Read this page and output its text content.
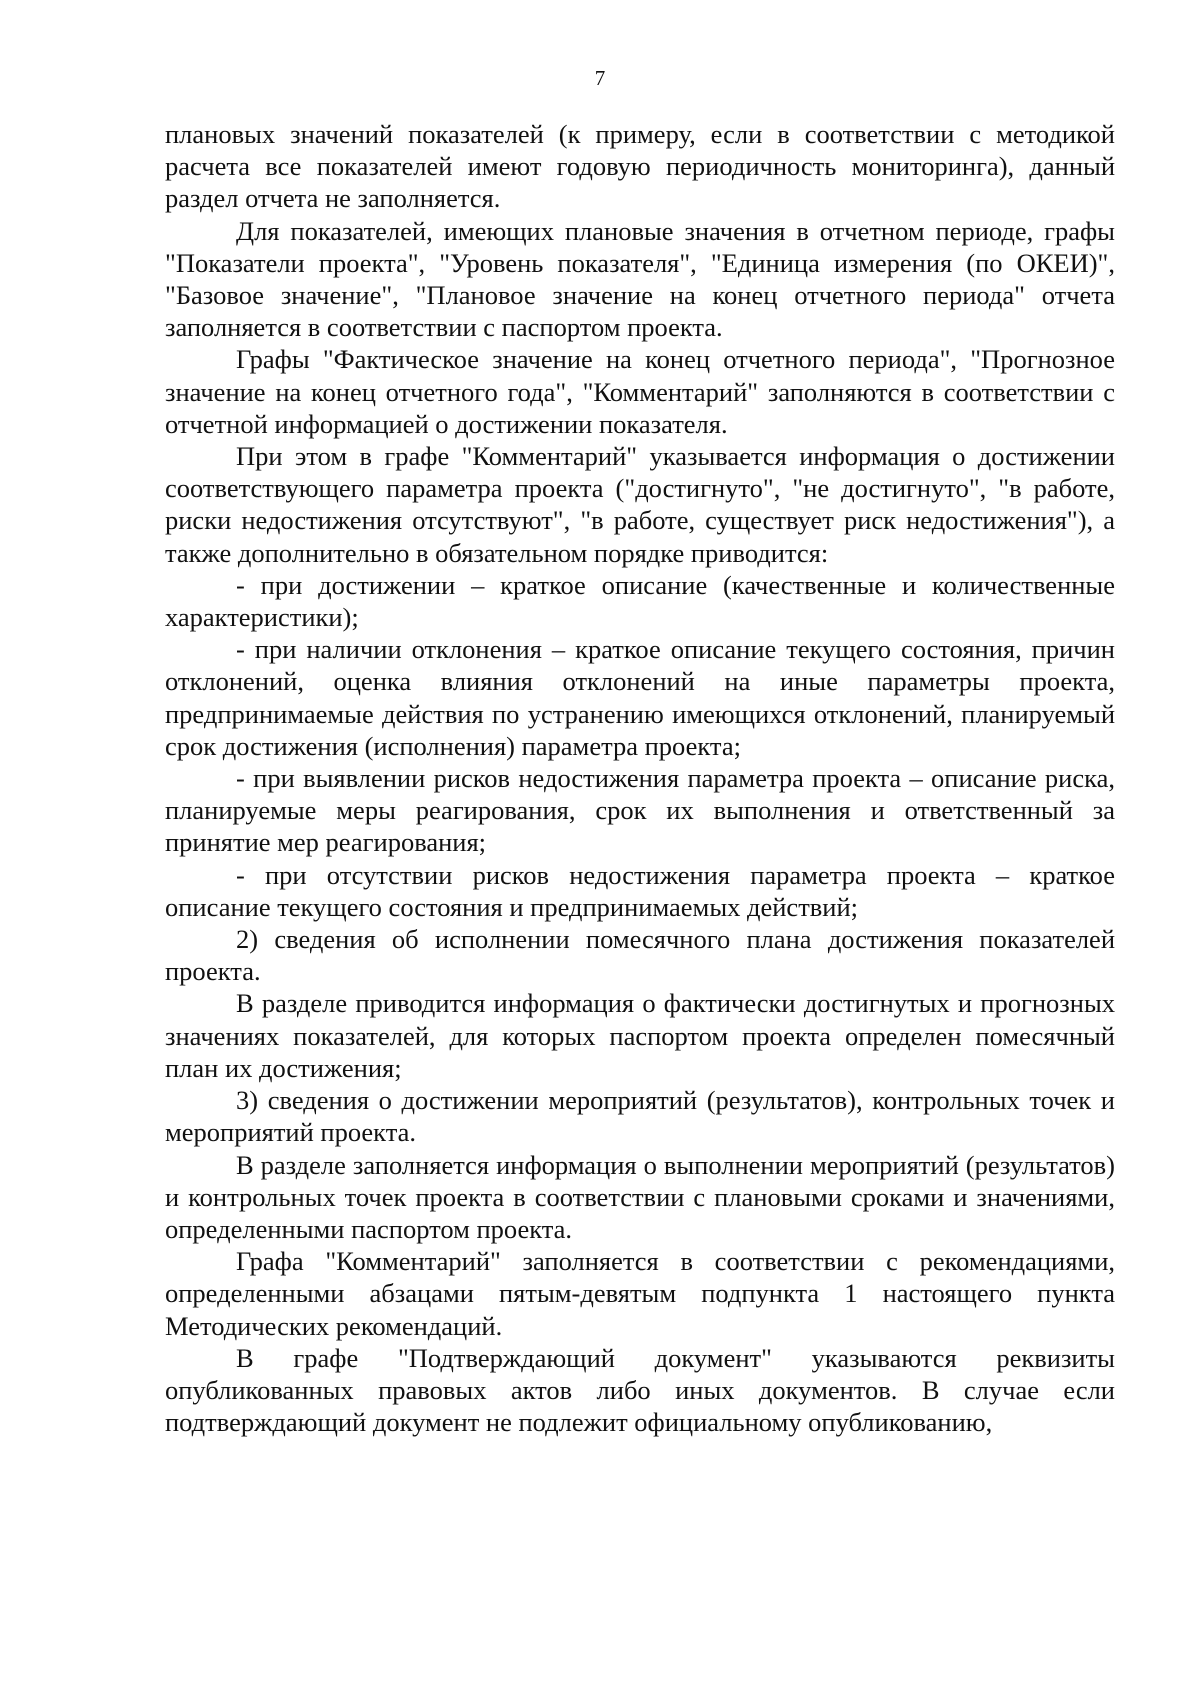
7

плановых значений показателей (к примеру, если в соответствии с методикой расчета все показателей имеют годовую периодичность мониторинга), данный раздел отчета не заполняется.

Для показателей, имеющих плановые значения в отчетном периоде, графы "Показатели проекта", "Уровень показателя", "Единица измерения (по ОКЕИ)", "Базовое значение", "Плановое значение на конец отчетного периода" отчета заполняется в соответствии с паспортом проекта.

Графы "Фактическое значение на конец отчетного периода", "Прогнозное значение на конец отчетного года", "Комментарий" заполняются в соответствии с отчетной информацией о достижении показателя.

При этом в графе "Комментарий" указывается информация о достижении соответствующего параметра проекта ("достигнуто", "не достигнуто", "в работе, риски недостижения отсутствуют", "в работе, существует риск недостижения"), а также дополнительно в обязательном порядке приводится:

- при достижении – краткое описание (качественные и количественные характеристики);

- при наличии отклонения – краткое описание текущего состояния, причин отклонений, оценка влияния отклонений на иные параметры проекта, предпринимаемые действия по устранению имеющихся отклонений, планируемый срок достижения (исполнения) параметра проекта;

- при выявлении рисков недостижения параметра проекта – описание риска, планируемые меры реагирования, срок их выполнения и ответственный за принятие мер реагирования;

- при отсутствии рисков недостижения параметра проекта – краткое описание текущего состояния и предпринимаемых действий;

2) сведения об исполнении помесячного плана достижения показателей проекта.

В разделе приводится информация о фактически достигнутых и прогнозных значениях показателей, для которых паспортом проекта определен помесячный план их достижения;

3) сведения о достижении мероприятий (результатов), контрольных точек и мероприятий проекта.

В разделе заполняется информация о выполнении мероприятий (результатов) и контрольных точек проекта в соответствии с плановыми сроками и значениями, определенными паспортом проекта.

Графа "Комментарий" заполняется в соответствии с рекомендациями, определенными абзацами пятым-девятым подпункта 1 настоящего пункта Методических рекомендаций.

В графе "Подтверждающий документ" указываются реквизиты опубликованных правовых актов либо иных документов. В случае если подтверждающий документ не подлежит официальному опубликованию,
